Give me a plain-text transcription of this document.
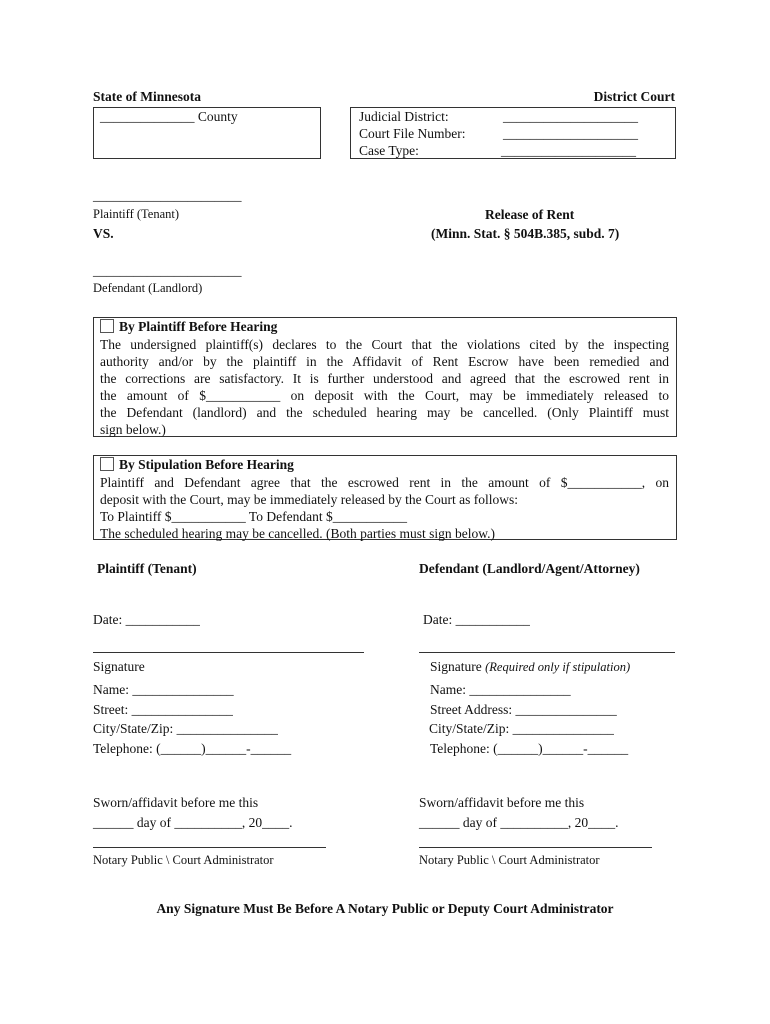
State of Minnesota	District Court
______________ County	Judicial District:	____________________
Court File Number:	____________________
Case Type:	____________________
______________________
Plaintiff (Tenant)
VS.
______________________
Defendant (Landlord)
Release of Rent
(Minn. Stat. § 504B.385, subd. 7)
By Plaintiff Before Hearing
The undersigned plaintiff(s) declares to the Court that the violations cited by the inspecting
authority and/or by the plaintiff in the Affidavit of Rent Escrow have been remedied and
the corrections are satisfactory. It is further understood and agreed that the escrowed rent in
the amount of $___________ on deposit with the Court, may be immediately released to
the Defendant (landlord) and the scheduled hearing may be cancelled. (Only Plaintiff must
sign below.)
By Stipulation Before Hearing
Plaintiff and Defendant agree that the escrowed rent in the amount of $___________, on
deposit with the Court, may be immediately released by the Court as follows:
To Plaintiff $___________ To Defendant $___________
The scheduled hearing may be cancelled. (Both parties must sign below.)
Plaintiff (Tenant)	Defendant (Landlord/Agent/Attorney)
Date: ___________
Signature
Name: _______________
Street: _______________
City/State/Zip: _______________
Telephone: (______)______-______
Sworn/affidavit before me this
______ day of __________, 20____.
Notary Public \ Court Administrator
Date: ___________
Signature (Required only if stipulation)
Name: _______________
Street Address: _______________
City/State/Zip: _______________
Telephone: (______)______-______
Sworn/affidavit before me this
______ day of __________, 20____.
Notary Public \ Court Administrator
Any Signature Must Be Before A Notary Public or Deputy Court Administrator
